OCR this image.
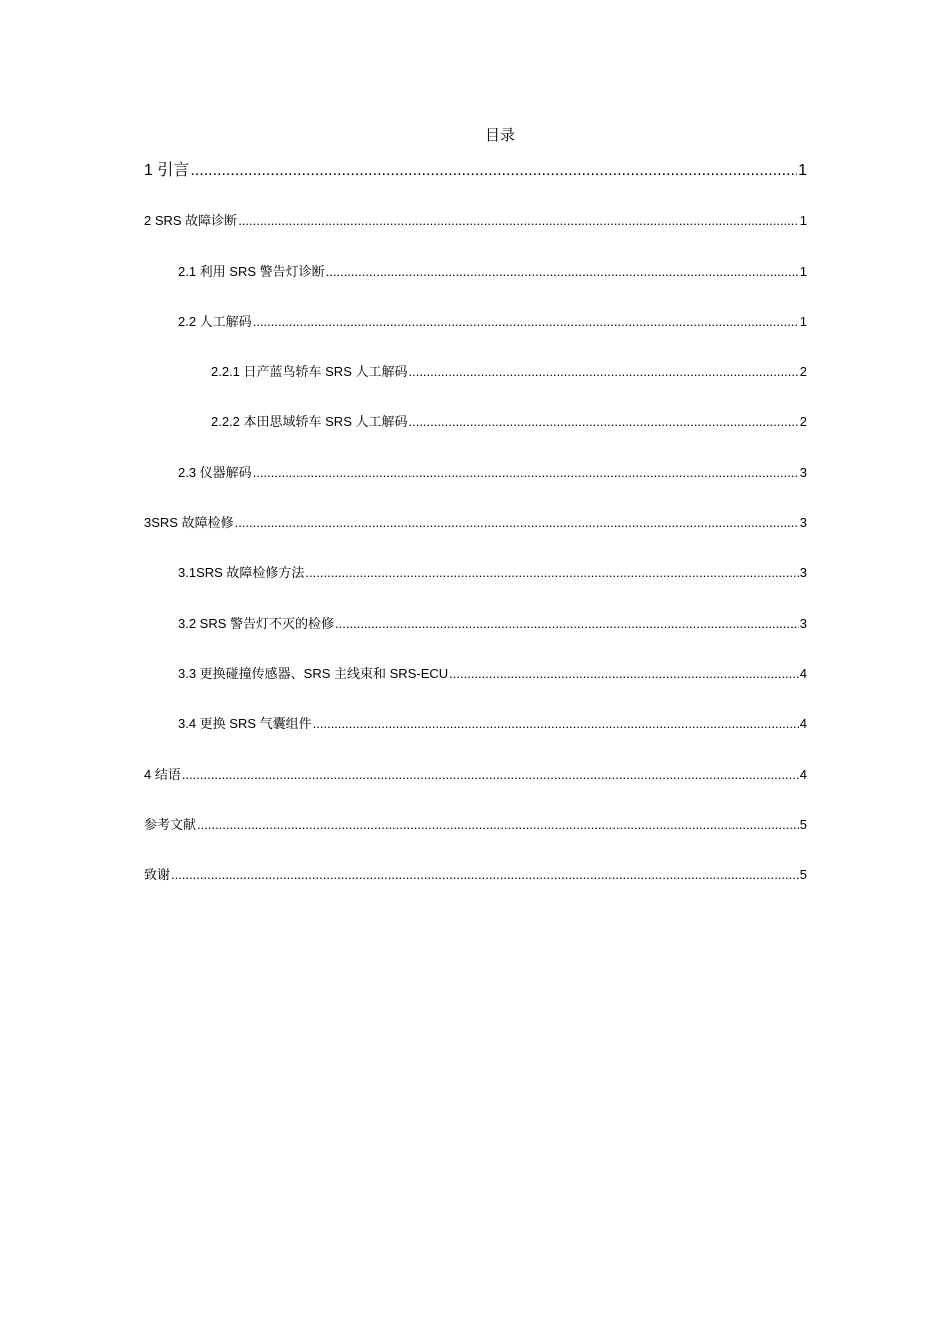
目录
1 引言 .....	1
2 SRS 故障诊断 .....	1
2.1 利用 SRS 警告灯诊断 .....	1
2.2 人工解码 .....	1
2.2.1 日产蓝鸟轿车 SRS 人工解码 .....	2
2.2.2 本田思域轿车 SRS 人工解码 .....	2
2.3 仪器解码 .....	3
3SRS 故障检修 .....	3
3.1SRS 故障检修方法 .....	3
3.2 SRS 警告灯不灭的检修 .....	3
3.3 更换碰撞传感器、SRS 主线束和 SRS-ECU .....	4
3.4 更换 SRS 气囊组件 .....	4
4 结语 .....	4
参考文献 .....	5
致谢 .....	5
